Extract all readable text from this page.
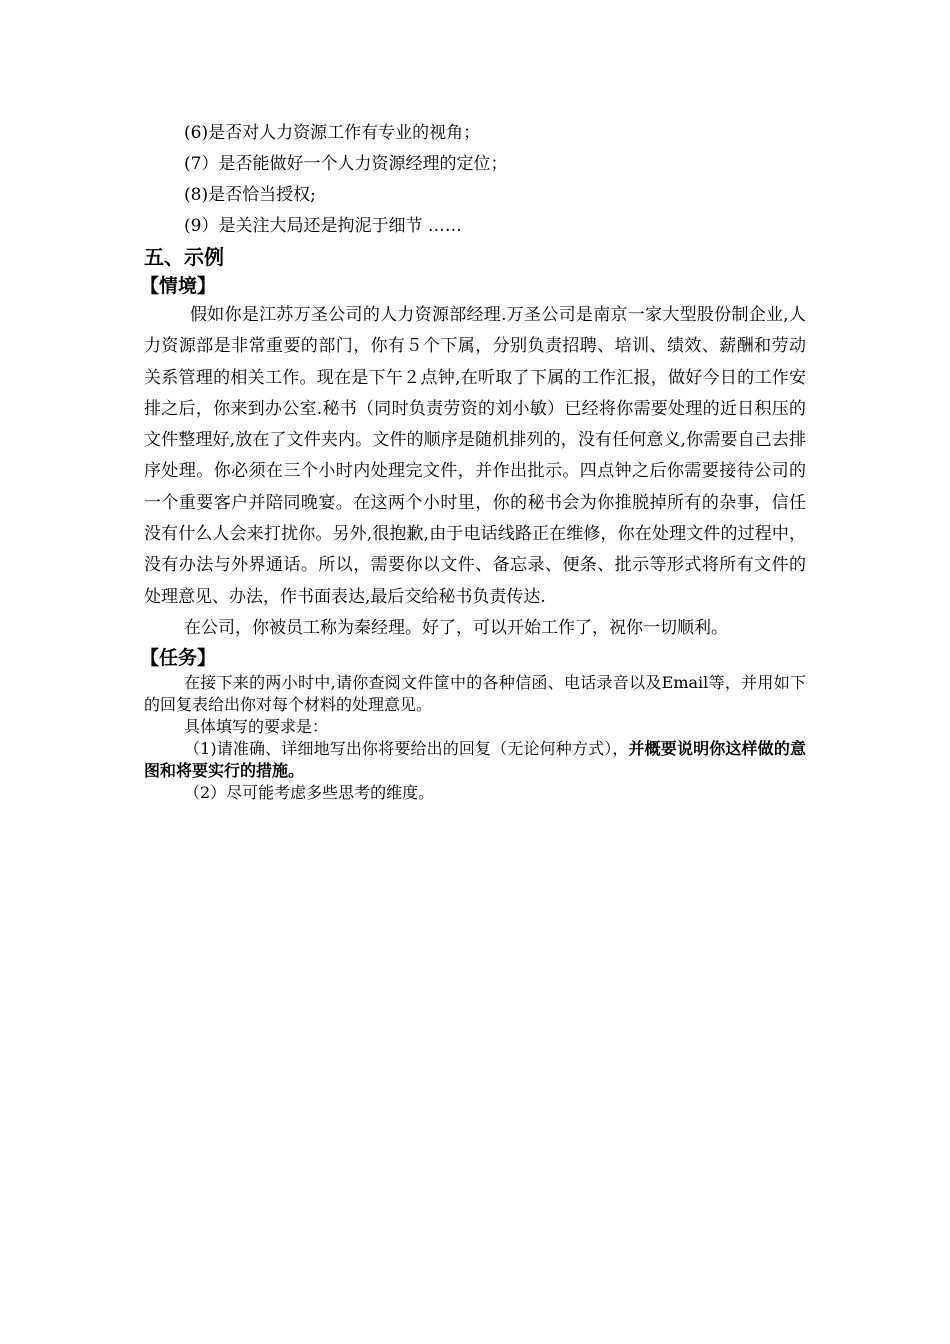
(6)是否对人力资源工作有专业的视角；
(7）是否能做好一个人力资源经理的定位；
(8)是否恰当授权;
(9）是关注大局还是拘泥于细节 ……
五、示例
【情境】

假如你是江苏万圣公司的人力资源部经理.万圣公司是南京一家大型股份制企业,人力资源部是非常重要的部门，你有５个下属，分别负责招聘、培训、绩效、薪酬和劳动关系管理的相关工作。现在是下午２点钟,在听取了下属的工作汇报，做好今日的工作安排之后，你来到办公室.秘书（同时负责劳资的刘小敏）已经将你需要处理的近日积压的文件整理好,放在了文件夹内。文件的顺序是随机排列的，没有任何意义,你需要自己去排序处理。你必须在三个小时内处理完文件，并作出批示。四点钟之后你需要接待公司的一个重要客户并陪同晚宴。在这两个小时里，你的秘书会为你推脱掉所有的杂事，信任没有什么人会来打扰你。另外,很抱歉,由于电话线路正在维修，你在处理文件的过程中，没有办法与外界通话。所以，需要你以文件、备忘录、便条、批示等形式将所有文件的处理意见、办法，作书面表达,最后交给秘书负责传达.

在公司，你被员工称为秦经理。好了，可以开始工作了，祝你一切顺利。

【任务】

在接下来的两小时中,请你查阅文件筐中的各种信函、电话录音以及Email等，并用如下的回复表给出你对每个材料的处理意见。

具体填写的要求是：

（1)请准确、详细地写出你将要给出的回复（无论何种方式），并概要说明你这样做的意图和将要实行的措施。

（2）尽可能考虑多些思考的维度。
